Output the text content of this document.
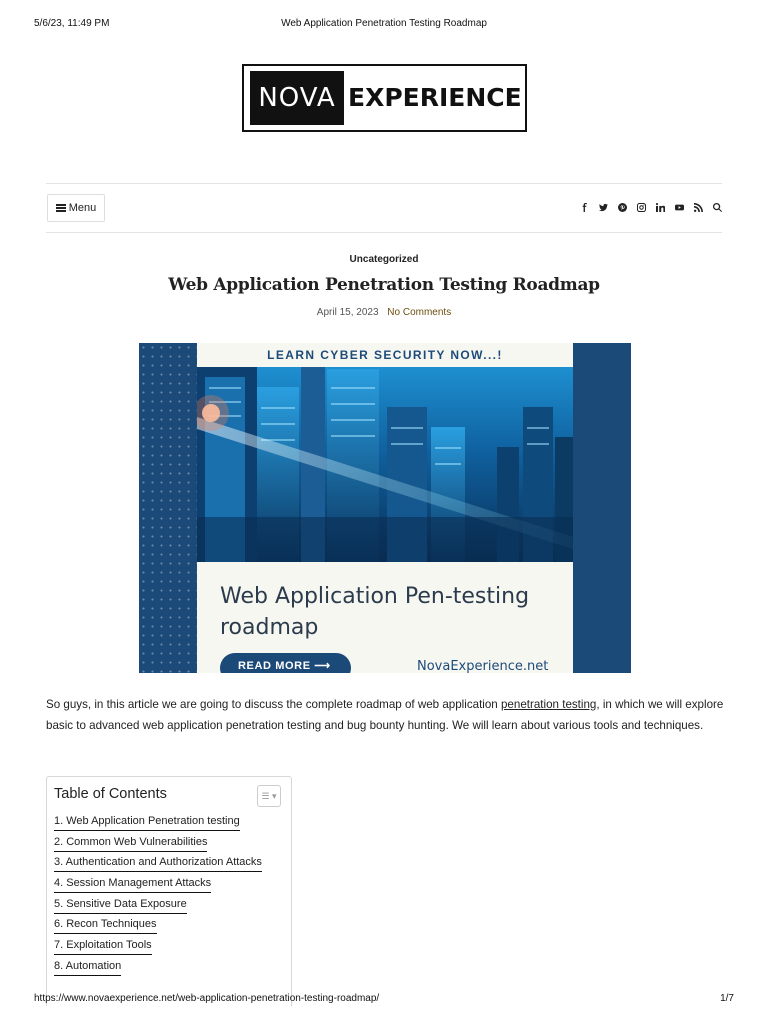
5/6/23, 11:49 PM	Web Application Penetration Testing Roadmap
NOVA EXPERIENCE
Menu
Uncategorized
Web Application Penetration Testing Roadmap
April 15, 2023 No Comments
LEARN CYBER SECURITY NOW...!
Web Application Pen-testing roadmap
READ MORE ⟶	NovaExperience.net

So guys, in this article we are going to discuss the complete roadmap of web application penetration testing, in which we will explore basic to advanced web application penetration testing and bug bounty hunting. We will learn about various tools and techniques.

Table of Contents	☰ ▾
1. Web Application Penetration testing
2. Common Web Vulnerabilities
3. Authentication and Authorization Attacks
4. Session Management Attacks
5. Sensitive Data Exposure
6. Recon Techniques
7. Exploitation Tools
8. Automation
https://www.novaexperience.net/web-application-penetration-testing-roadmap/	1/7
